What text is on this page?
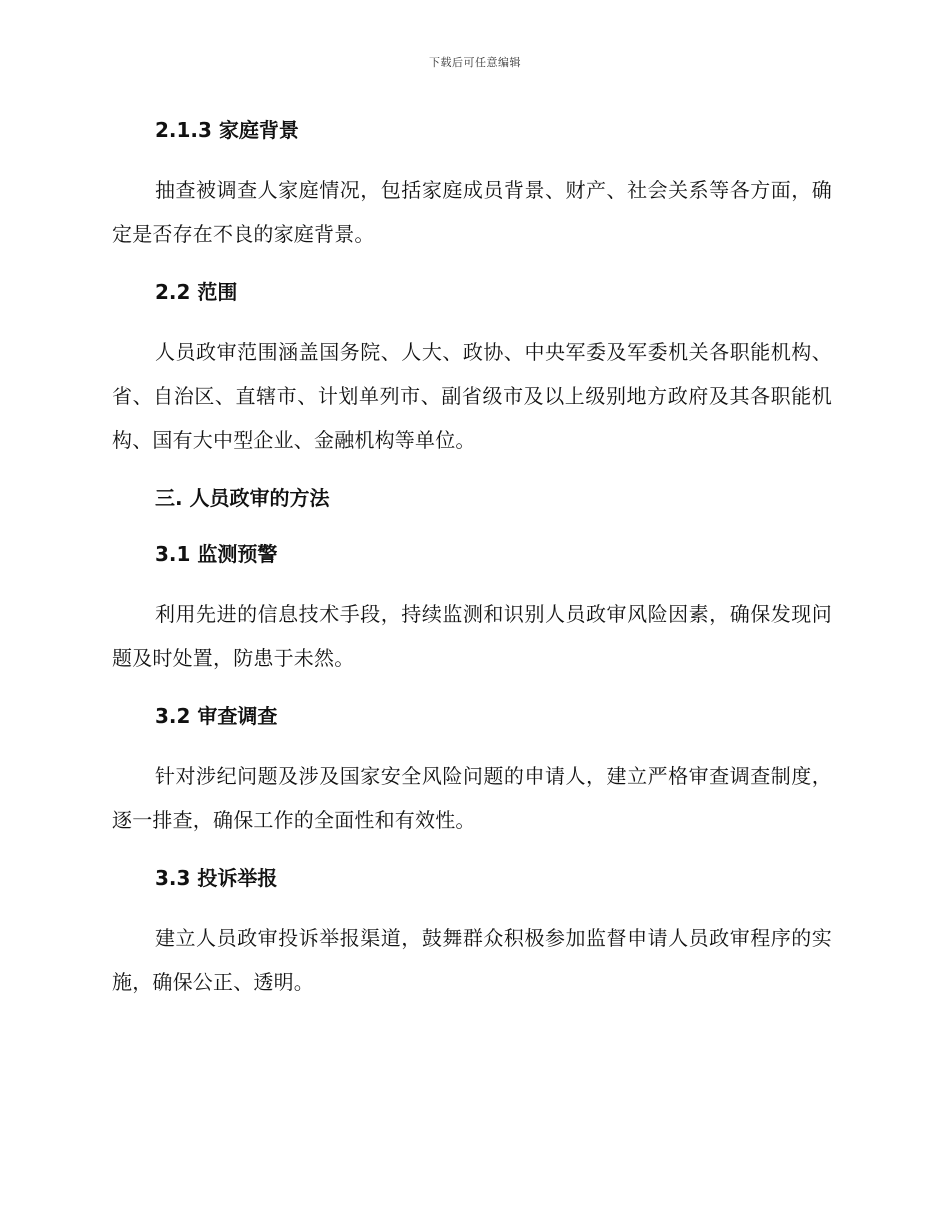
下载后可任意编辑
2.1.3 家庭背景
抽查被调查人家庭情况，包括家庭成员背景、财产、社会关系等各方面，确定是否存在不良的家庭背景。
2.2 范围
人员政审范围涵盖国务院、人大、政协、中央军委及军委机关各职能机构、省、自治区、直辖市、计划单列市、副省级市及以上级别地方政府及其各职能机构、国有大中型企业、金融机构等单位。
三. 人员政审的方法
3.1 监测预警
利用先进的信息技术手段，持续监测和识别人员政审风险因素，确保发现问题及时处置，防患于未然。
3.2 审查调查
针对涉纪问题及涉及国家安全风险问题的申请人，建立严格审查调查制度，逐一排查，确保工作的全面性和有效性。
3.3 投诉举报
建立人员政审投诉举报渠道，鼓舞群众积极参加监督申请人员政审程序的实施，确保公正、透明。
